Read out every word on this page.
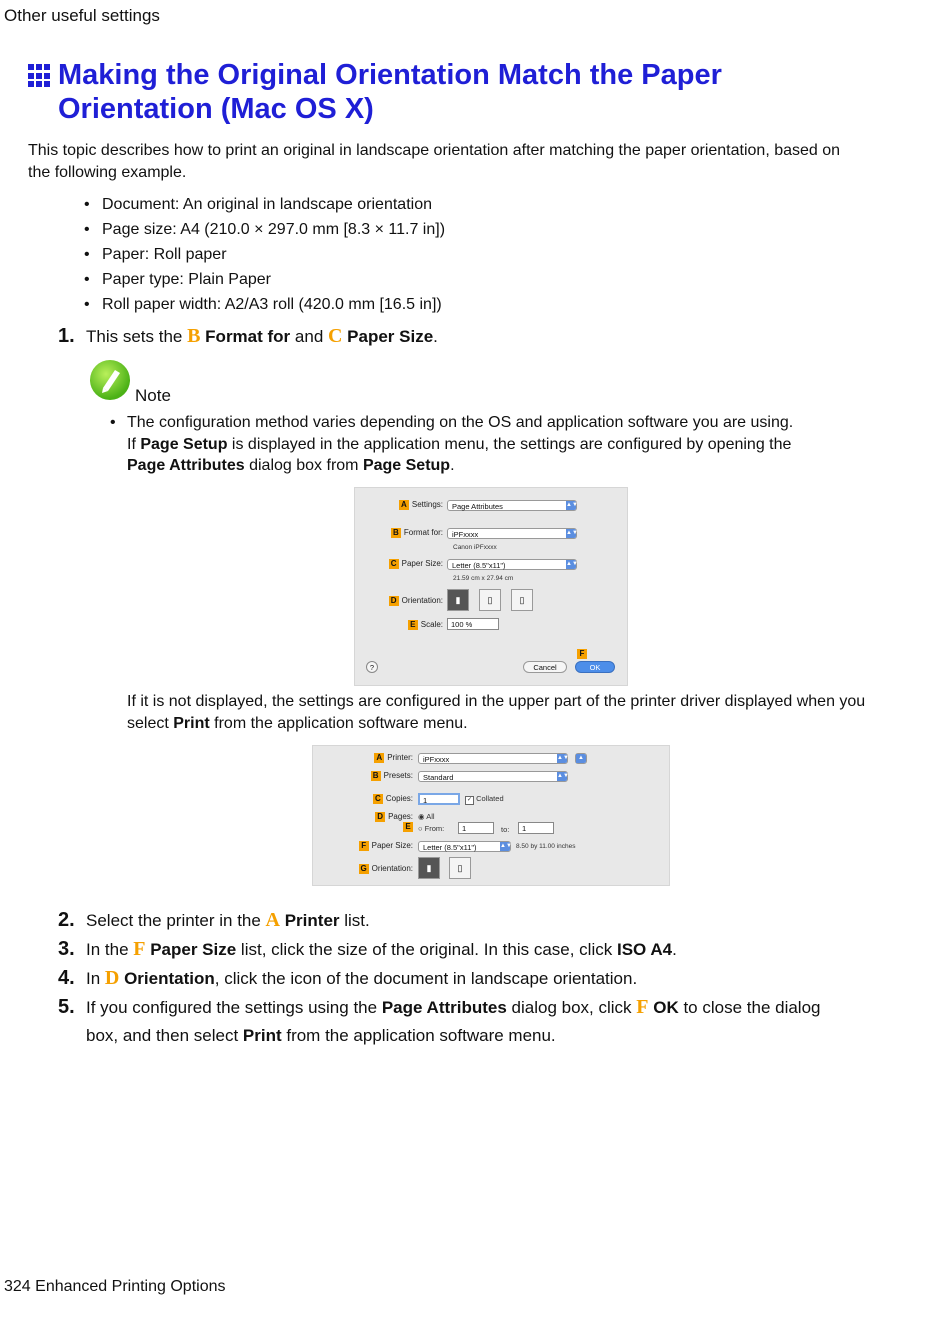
Other useful settings
Making the Original Orientation Match the Paper Orientation (Mac OS X)
This topic describes how to print an original in landscape orientation after matching the paper orientation, based on the following example.
• Document: An original in landscape orientation
• Page size: A4 (210.0 × 297.0 mm [8.3 × 11.7 in])
• Paper: Roll paper
• Paper type: Plain Paper
• Roll paper width: A2/A3 roll (420.0 mm [16.5 in])
1. This sets the B Format for and C Paper Size.
Note
• The configuration method varies depending on the OS and application software you are using.
If Page Setup is displayed in the application menu, the settings are configured by opening the
Page Attributes dialog box from Page Setup.
A Settings:	Page Attributes	▲▼
B Format for:	iPFxxxx	▲▼
Canon iPFxxxx
C Paper Size:	Letter (8.5"x11")	▲▼
21.59 cm x 27.94 cm
D Orientation:	▮	▯	▯
E Scale:	100 %
?	Cancel
F
OK
If it is not displayed, the settings are configured in the upper part of the printer driver displayed when you select Print from the application software menu.
A Printer:	iPFxxxx	▲▼	▲
B Presets:	Standard	▲▼
C Copies:	1	✓ Collated
D Pages: ◉ All
E ○ From:	1	to:	1
F Paper Size:	Letter (8.5"x11")	▲▼ 8.50 by 11.00 inches
G Orientation:	▮	▯
2. Select the printer in the A Printer list.
3. In the F Paper Size list, click the size of the original. In this case, click ISO A4.
4. In D Orientation, click the icon of the document in landscape orientation.
5. If you configured the settings using the Page Attributes dialog box, click F OK to close the dialog box, and then select Print from the application software menu.
324 Enhanced Printing Options
